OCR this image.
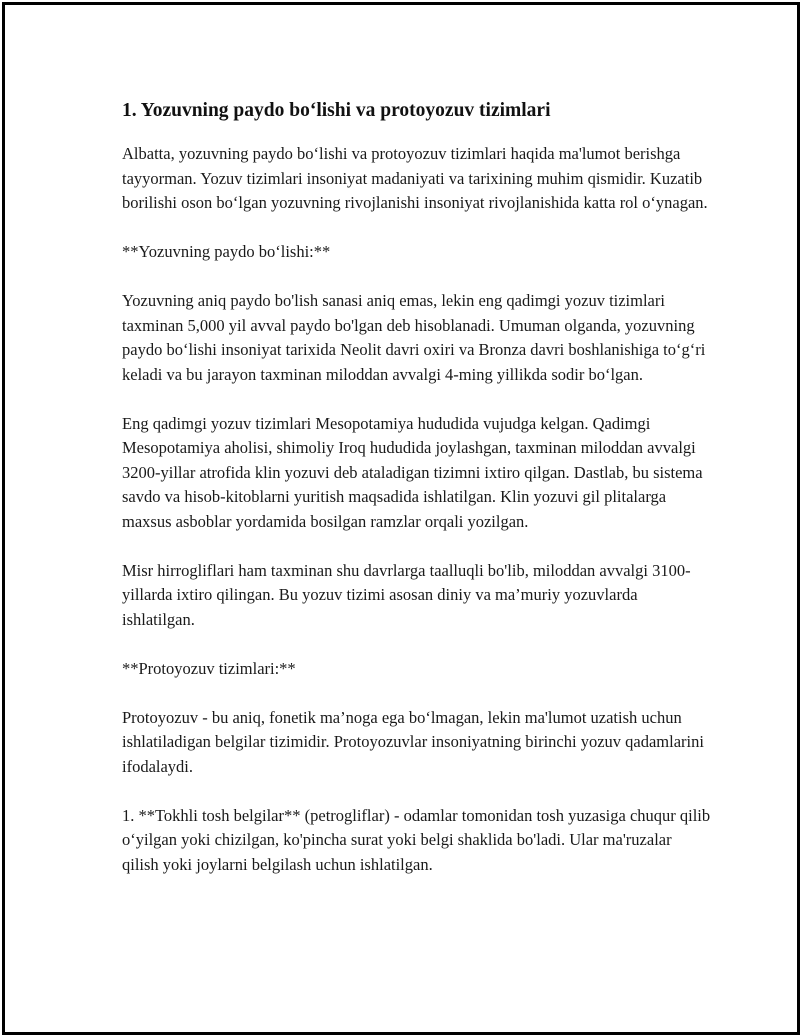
1. Yozuvning paydo bo‘lishi va protoyozuv tizimlari

Albatta, yozuvning paydo bo‘lishi va protoyozuv tizimlari haqida ma'lumot berishga tayyorman. Yozuv tizimlari insoniyat madaniyati va tarixining muhim qismidir. Kuzatib borilishi oson bo‘lgan yozuvning rivojlanishi insoniyat rivojlanishida katta rol o‘ynagan.

**Yozuvning paydo bo‘lishi:**

Yozuvning aniq paydo bo'lish sanasi aniq emas, lekin eng qadimgi yozuv tizimlari taxminan 5,000 yil avval paydo bo'lgan deb hisoblanadi. Umuman olganda, yozuvning paydo bo‘lishi insoniyat tarixida Neolit davri oxiri va Bronza davri boshlanishiga to‘g‘ri keladi va bu jarayon taxminan miloddan avvalgi 4-ming yillikda sodir bo‘lgan.

Eng qadimgi yozuv tizimlari Mesopotamiya hududida vujudga kelgan. Qadimgi Mesopotamiya aholisi, shimoliy Iroq hududida joylashgan, taxminan miloddan avvalgi 3200-yillar atrofida klin yozuvi deb ataladigan tizimni ixtiro qilgan. Dastlab, bu sistema savdo va hisob-kitoblarni yuritish maqsadida ishlatilgan. Klin yozuvi gil plitalarga maxsus asboblar yordamida bosilgan ramzlar orqali yozilgan.

Misr hirrogliflari ham taxminan shu davrlarga taalluqli bo'lib, miloddan avvalgi 3100-yillarda ixtiro qilingan. Bu yozuv tizimi asosan diniy va ma’muriy yozuvlarda ishlatilgan.

**Protoyozuv tizimlari:**

Protoyozuv - bu aniq, fonetik ma’noga ega bo‘lmagan, lekin ma'lumot uzatish uchun ishlatiladigan belgilar tizimidir. Protoyozuvlar insoniyatning birinchi yozuv qadamlarini ifodalaydi.

1. **Tokhli tosh belgilar** (petrogliflar) - odamlar tomonidan tosh yuzasiga chuqur qilib o‘yilgan yoki chizilgan, ko'pincha surat yoki belgi shaklida bo'ladi. Ular ma'ruzalar qilish yoki joylarni belgilash uchun ishlatilgan.
